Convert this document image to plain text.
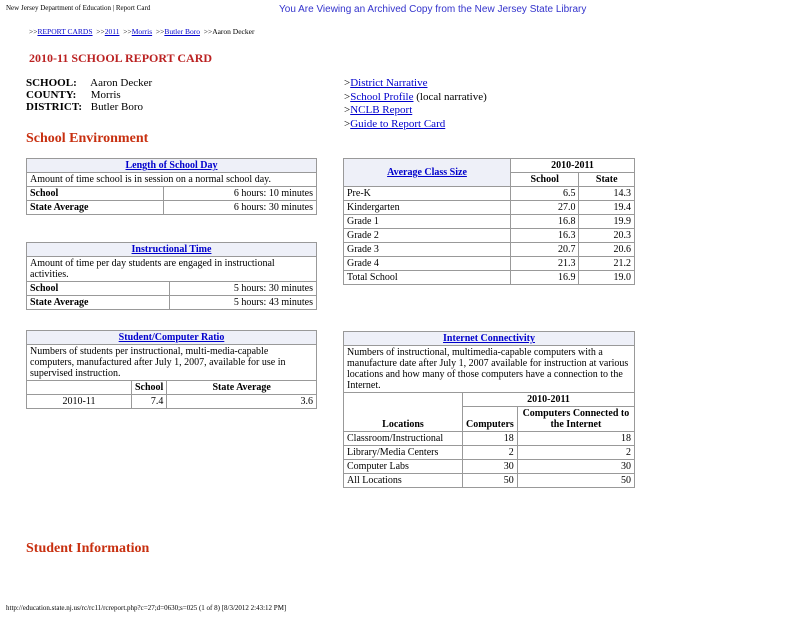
New Jersey Department of Education | Report Card	You Are Viewing an Archived Copy from the New Jersey State Library
>>REPORT CARDS  >>2011  >>Morris  >>Butler Boro  >>Aaron Decker
2010-11 SCHOOL REPORT CARD
SCHOOL: Aaron Decker
COUNTY: Morris
DISTRICT: Butler Boro
>District Narrative
>School Profile (local narrative)
>NCLB Report
>Guide to Report Card
School Environment
Length of School Day	
Amount of time school is in session on a normal school day.	
School	6 hours: 10 minutes
State Average	6 hours: 30 minutes
Instructional Time	
Amount of time per day students are engaged in instructional activities.	
School	5 hours: 30 minutes
State Average	5 hours: 43 minutes
Student/Computer Ratio		
Numbers of students per instructional, multi-media-capable computers, manufactured after July 1, 2007, available for use in supervised instruction.		
	School	State Average
2010-11	7.4	3.6
Average Class Size	2010-2011	
	School	State
Pre-K	6.5	14.3
Kindergarten	27.0	19.4
Grade 1	16.8	19.9
Grade 2	16.3	20.3
Grade 3	20.7	20.6
Grade 4	21.3	21.2
Total School	16.9	19.0
Internet Connectivity		
Numbers of instructional, multimedia-capable computers with a manufacture date after July 1, 2007 available for instruction at various locations and how many of those computers have a connection to the Internet.		
Locations	2010-2011	
	Computers	Computers Connected to the Internet
Classroom/Instructional	18	18
Library/Media Centers	2	2
Computer Labs	30	30
All Locations	50	50
Student Information
http://education.state.nj.us/rc/rc11/rcreport.php?c=27;d=0630;s=025 (1 of 8) [8/3/2012 2:43:12 PM]
